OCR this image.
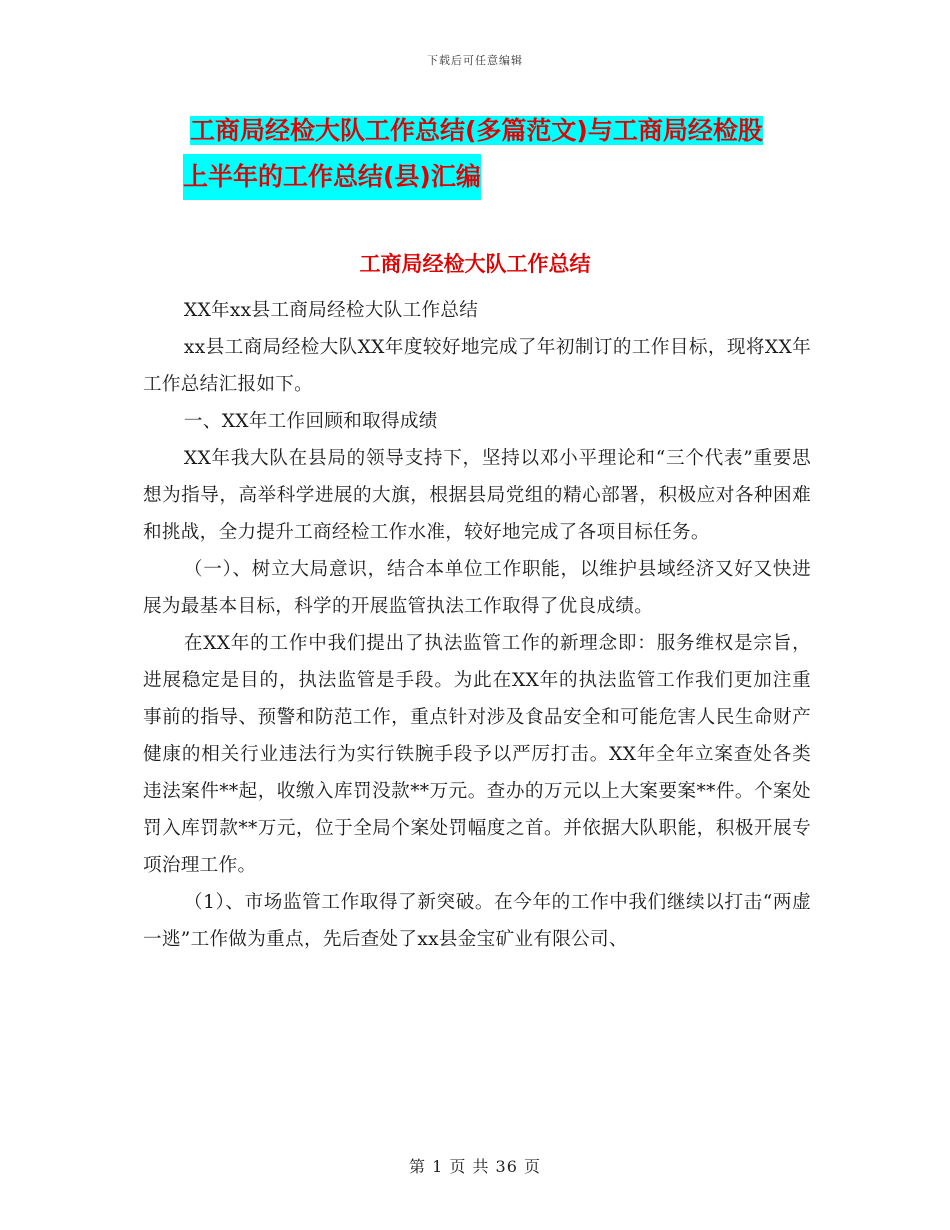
下载后可任意编辑
工商局经检大队工作总结(多篇范文)与工商局经检股
上半年的工作总结(县)汇编
工商局经检大队工作总结

XX年xx县工商局经检大队工作总结

xx县工商局经检大队XX年度较好地完成了年初制订的工作目标，现将XX年工作总结汇报如下。

一、XX年工作回顾和取得成绩

XX年我大队在县局的领导支持下，坚持以邓小平理论和“三个代表”重要思想为指导，高举科学进展的大旗，根据县局党组的精心部署，积极应对各种困难和挑战，全力提升工商经检工作水准，较好地完成了各项目标任务。

（一）、树立大局意识，结合本单位工作职能，以维护县域经济又好又快进展为最基本目标，科学的开展监管执法工作取得了优良成绩。

在XX年的工作中我们提出了执法监管工作的新理念即：服务维权是宗旨，进展稳定是目的，执法监管是手段。为此在XX年的执法监管工作我们更加注重事前的指导、预警和防范工作，重点针对涉及食品安全和可能危害人民生命财产健康的相关行业违法行为实行铁腕手段予以严厉打击。XX年全年立案查处各类违法案件**起，收缴入库罚没款**万元。查办的万元以上大案要案**件。个案处罚入库罚款**万元，位于全局个案处罚幅度之首。并依据大队职能，积极开展专项治理工作。

（1）、市场监管工作取得了新突破。在今年的工作中我们继续以打击“两虚一逃”工作做为重点，先后查处了xx县金宝矿业有限公司、

第 1 页 共 36 页
